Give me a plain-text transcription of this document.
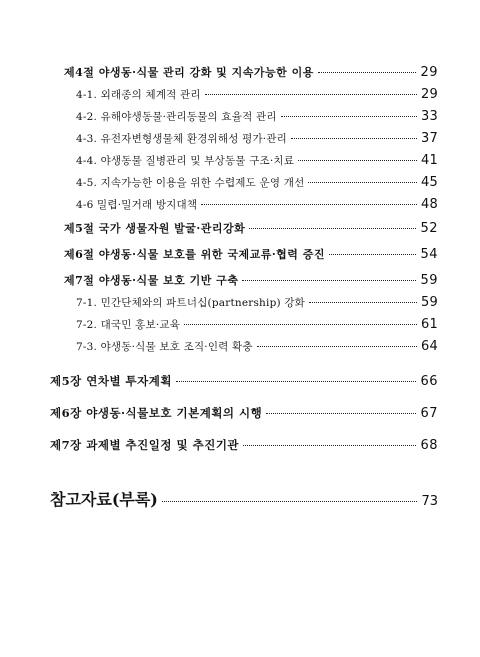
제4절 야생동·식물 관리 강화 및 지속가능한 이용	29
4-1. 외래종의 체계적 관리	29
4-2. 유해야생동물·관리동물의 효율적 관리	33
4-3. 유전자변형생물체 환경위해성 평가·관리	37
4-4. 야생동물 질병관리 및 부상동물 구조·치료	41
4-5. 지속가능한 이용을 위한 수렵제도 운영 개선	45
4-6 밀렵·밀거래 방지대책	48
제5절 국가 생물자원 발굴·관리강화	52
제6절 야생동·식물 보호를 위한 국제교류·협력 증진	54
제7절 야생동·식물 보호 기반 구축	59
7-1. 민간단체와의 파트너십(partnership) 강화	59
7-2. 대국민 홍보·교육	61
7-3. 야생동·식물 보호 조직·인력 확충	64
제5장 연차별 투자계획	66
제6장 야생동·식물보호 기본계획의 시행	67
제7장 과제별 추진일정 및 추진기관	68
참고자료(부록)	73
